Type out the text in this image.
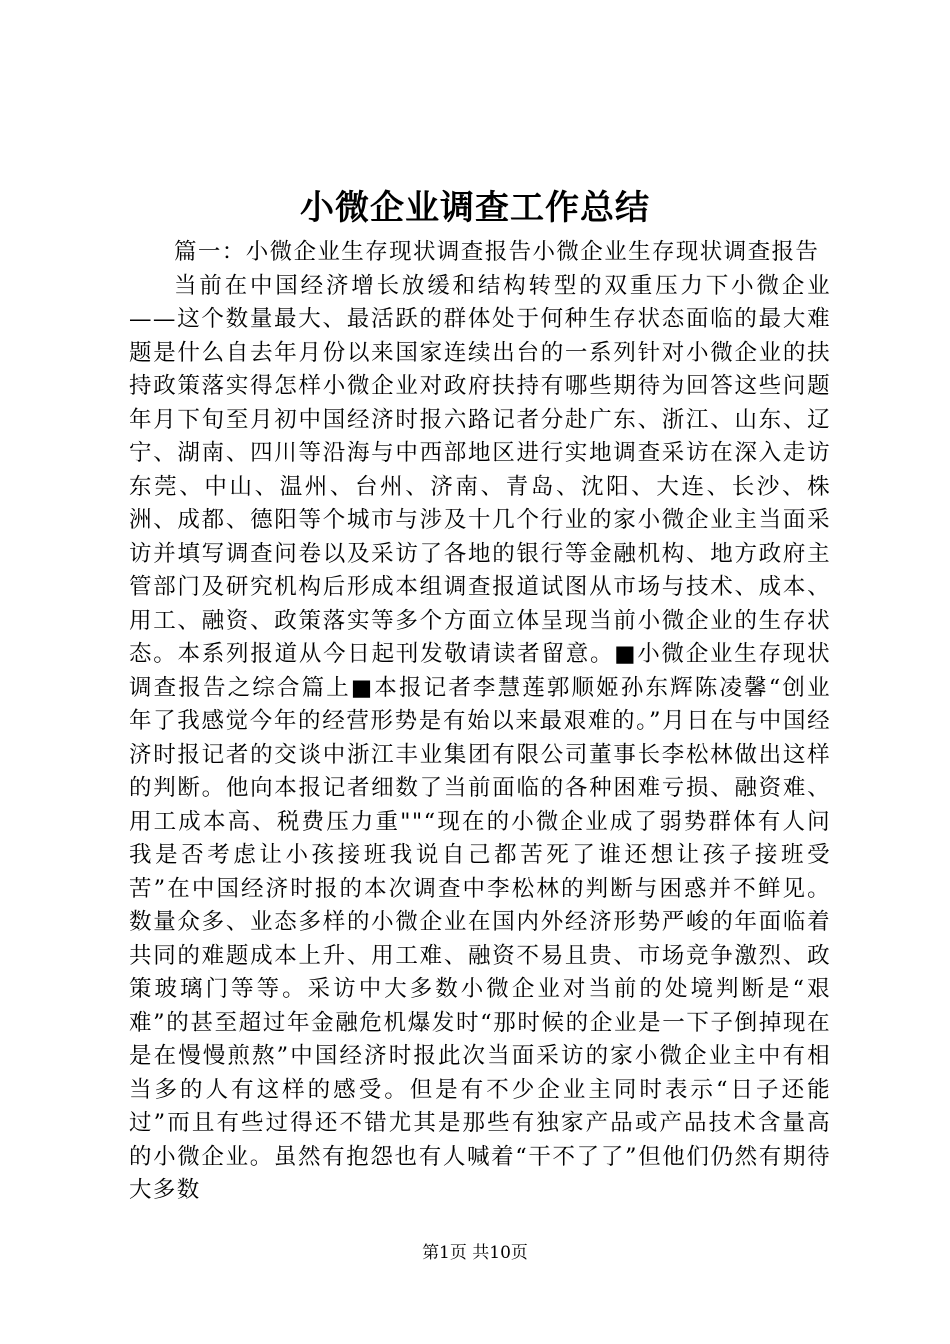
小微企业调查工作总结

篇一：小微企业生存现状调查报告小微企业生存现状调查报告

当前在中国经济增长放缓和结构转型的双重压力下小微企业——这个数量最大、最活跃的群体处于何种生存状态面临的最大难题是什么自去年月份以来国家连续出台的一系列针对小微企业的扶持政策落实得怎样小微企业对政府扶持有哪些期待为回答这些问题年月下旬至月初中国经济时报六路记者分赴广东、浙江、山东、辽宁、湖南、四川等沿海与中西部地区进行实地调查采访在深入走访东莞、中山、温州、台州、济南、青岛、沈阳、大连、长沙、株洲、成都、德阳等个城市与涉及十几个行业的家小微企业主当面采访并填写调查问卷以及采访了各地的银行等金融机构、地方政府主管部门及研究机构后形成本组调查报道试图从市场与技术、成本、用工、融资、政策落实等多个方面立体呈现当前小微企业的生存状态。本系列报道从今日起刊发敬请读者留意。■小微企业生存现状调查报告之综合篇上■本报记者李慧莲郭顺姬孙东辉陈凌馨“创业年了我感觉今年的经营形势是有始以来最艰难的。”月日在与中国经济时报记者的交谈中浙江丰业集团有限公司董事长李松林做出这样的判断。他向本报记者细数了当前面临的各种困难亏损、融资难、用工成本高、税费压力重""“现在的小微企业成了弱势群体有人问我是否考虑让小孩接班我说自己都苦死了谁还想让孩子接班受苦”在中国经济时报的本次调查中李松林的判断与困惑并不鲜见。数量众多、业态多样的小微企业在国内外经济形势严峻的年面临着共同的难题成本上升、用工难、融资不易且贵、市场竞争激烈、政策玻璃门等等。采访中大多数小微企业对当前的处境判断是“艰难”的甚至超过年金融危机爆发时“那时候的企业是一下子倒掉现在是在慢慢煎熬”中国经济时报此次当面采访的家小微企业主中有相当多的人有这样的感受。但是有不少企业主同时表示“日子还能过”而且有些过得还不错尤其是那些有独家产品或产品技术含量高的小微企业。虽然有抱怨也有人喊着“干不了了”但他们仍然有期待大多数

第1页 共10页
